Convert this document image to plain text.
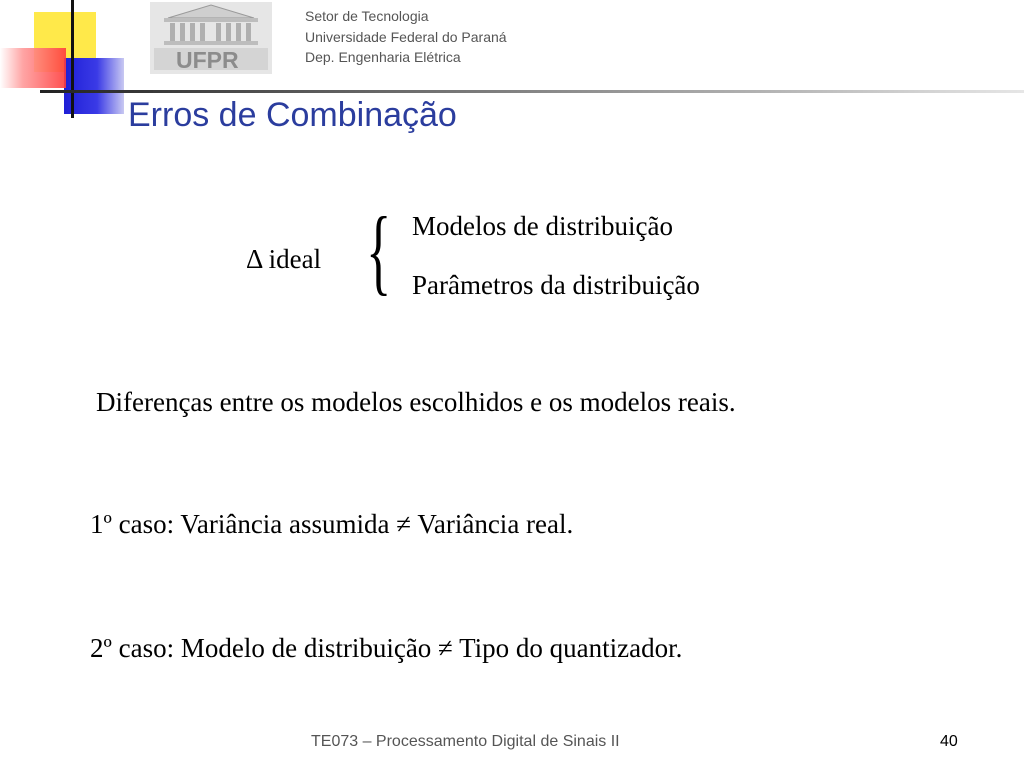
UFPR
Setor de Tecnologia
Universidade Federal do Paraná
Dep. Engenharia Elétrica
Erros de Combinação
Δ ideal { Modelos de distribuição
Parâmetros da distribuição
Diferenças entre os modelos escolhidos e os modelos reais.
1º caso: Variância assumida ≠ Variância real.
2º caso: Modelo de distribuição ≠ Tipo do quantizador.
TE073 – Processamento Digital de Sinais II	40
